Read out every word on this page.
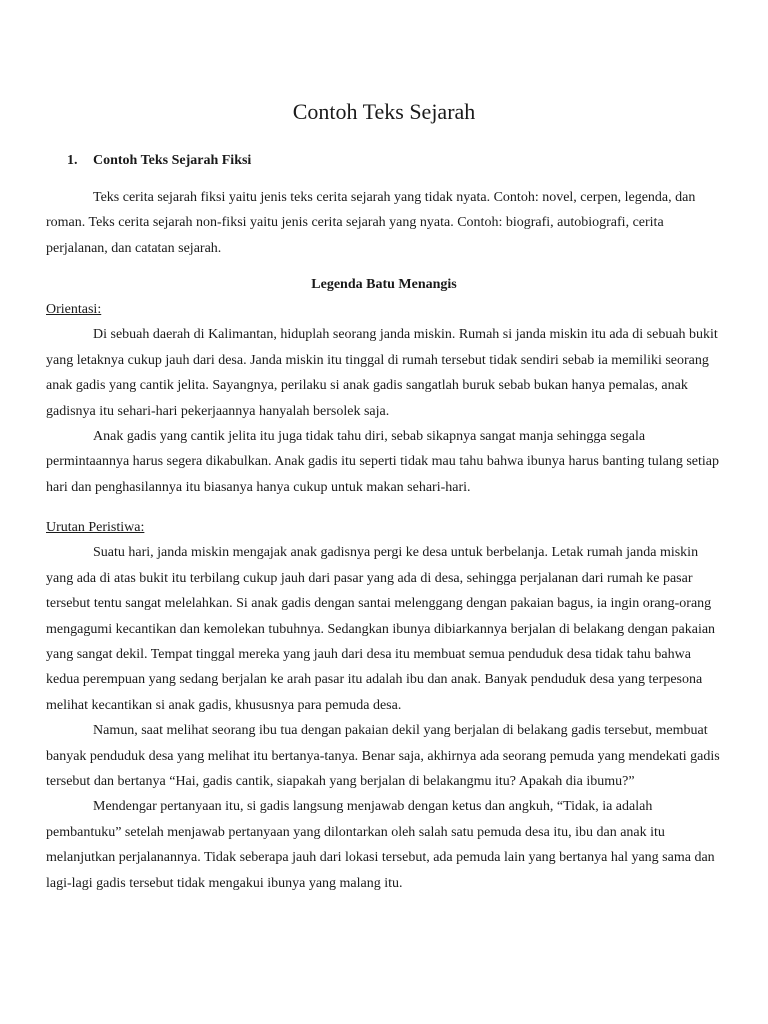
Contoh Teks Sejarah
1. Contoh Teks Sejarah Fiksi

Teks cerita sejarah fiksi yaitu jenis teks cerita sejarah yang tidak nyata. Contoh: novel, cerpen, legenda, dan roman. Teks cerita sejarah non-fiksi yaitu jenis cerita sejarah yang nyata. Contoh: biografi, autobiografi, cerita perjalanan, dan catatan sejarah.

Legenda Batu Menangis

Orientasi:

Di sebuah daerah di Kalimantan, hiduplah seorang janda miskin. Rumah si janda miskin itu ada di sebuah bukit yang letaknya cukup jauh dari desa. Janda miskin itu tinggal di rumah tersebut tidak sendiri sebab ia memiliki seorang anak gadis yang cantik jelita. Sayangnya, perilaku si anak gadis sangatlah buruk sebab bukan hanya pemalas, anak gadisnya itu sehari-hari pekerjaannya hanyalah bersolek saja.

Anak gadis yang cantik jelita itu juga tidak tahu diri, sebab sikapnya sangat manja sehingga segala permintaannya harus segera dikabulkan. Anak gadis itu seperti tidak mau tahu bahwa ibunya harus banting tulang setiap hari dan penghasilannya itu biasanya hanya cukup untuk makan sehari-hari.

Urutan Peristiwa:

Suatu hari, janda miskin mengajak anak gadisnya pergi ke desa untuk berbelanja. Letak rumah janda miskin yang ada di atas bukit itu terbilang cukup jauh dari pasar yang ada di desa, sehingga perjalanan dari rumah ke pasar tersebut tentu sangat melelahkan. Si anak gadis dengan santai melenggang dengan pakaian bagus, ia ingin orang-orang mengagumi kecantikan dan kemolekan tubuhnya. Sedangkan ibunya dibiarkannya berjalan di belakang dengan pakaian yang sangat dekil. Tempat tinggal mereka yang jauh dari desa itu membuat semua penduduk desa tidak tahu bahwa kedua perempuan yang sedang berjalan ke arah pasar itu adalah ibu dan anak. Banyak penduduk desa yang terpesona melihat kecantikan si anak gadis, khususnya para pemuda desa.

Namun, saat melihat seorang ibu tua dengan pakaian dekil yang berjalan di belakang gadis tersebut, membuat banyak penduduk desa yang melihat itu bertanya-tanya. Benar saja, akhirnya ada seorang pemuda yang mendekati gadis tersebut dan bertanya “Hai, gadis cantik, siapakah yang berjalan di belakangmu itu? Apakah dia ibumu?”

Mendengar pertanyaan itu, si gadis langsung menjawab dengan ketus dan angkuh, “Tidak, ia adalah pembantuku” setelah menjawab pertanyaan yang dilontarkan oleh salah satu pemuda desa itu, ibu dan anak itu melanjutkan perjalanannya. Tidak seberapa jauh dari lokasi tersebut, ada pemuda lain yang bertanya hal yang sama dan lagi-lagi gadis tersebut tidak mengakui ibunya yang malang itu.
